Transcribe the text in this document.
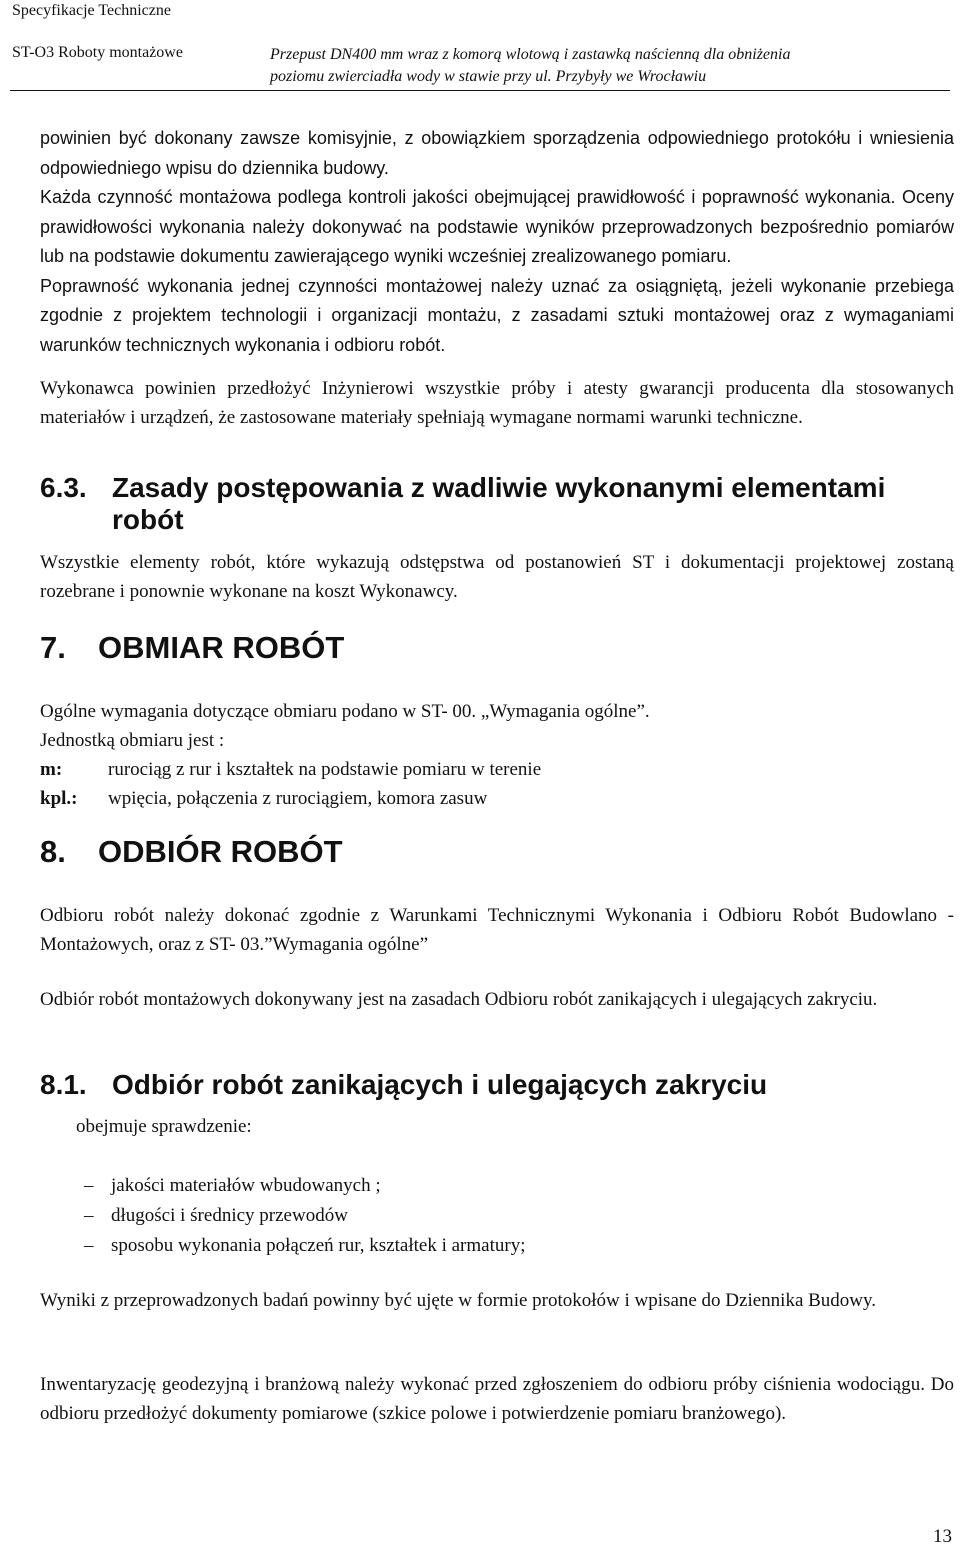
Specyfikacje Techniczne
ST-O3 Roboty montażowe	Przepust DN400 mm wraz z komorą wlotową i zastawką naścienną dla obniżenia
poziomu zwierciadła wody w stawie przy ul. Przybyły we Wrocławiu

powinien być dokonany zawsze komisyjnie, z obowiązkiem sporządzenia odpowiedniego protokółu i wniesienia odpowiedniego wpisu do dziennika budowy.

Każda czynność montażowa podlega kontroli jakości obejmującej prawidłowość i poprawność wykonania. Oceny prawidłowości wykonania należy dokonywać na podstawie wyników przeprowadzonych bezpośrednio pomiarów lub na podstawie dokumentu zawierającego wyniki wcześniej zrealizowanego pomiaru.

Poprawność wykonania jednej czynności montażowej należy uznać za osiągniętą, jeżeli wykonanie przebiega zgodnie z projektem technologii i organizacji montażu, z zasadami sztuki montażowej oraz z wymaganiami warunków technicznych wykonania i odbioru robót.

Wykonawca powinien przedłożyć Inżynierowi wszystkie próby i atesty gwarancji producenta dla stosowanych materiałów i urządzeń, że zastosowane materiały spełniają wymagane normami warunki techniczne.

6.3. Zasady postępowania z wadliwie wykonanymi elementami robót

Wszystkie elementy robót, które wykazują odstępstwa od postanowień ST i dokumentacji projektowej zostaną rozebrane i ponownie wykonane na koszt Wykonawcy.

7.	OBMIAR ROBÓT
Ogólne wymagania dotyczące obmiaru podano w ST- 00. „Wymagania ogólne”.
Jednostką obmiaru jest :
m:	rurociąg z rur i kształtek na podstawie pomiaru w terenie
kpl.:	wpięcia, połączenia z rurociągiem, komora zasuw
8.	ODBIÓR ROBÓT

Odbioru robót należy dokonać zgodnie z Warunkami Technicznymi Wykonania i Odbioru Robót Budowlano - Montażowych, oraz z ST- 03.”Wymagania ogólne”

Odbiór robót montażowych dokonywany jest na zasadach Odbioru robót zanikających i ulegających zakryciu.

8.1. Odbiór robót zanikających i ulegających zakryciu
obejmuje sprawdzenie:
– jakości materiałów wbudowanych ;
– długości i średnicy przewodów
– sposobu wykonania połączeń rur, kształtek i armatury;

Wyniki z przeprowadzonych badań powinny być ujęte w formie protokołów i wpisane do Dziennika Budowy.

Inwentaryzację geodezyjną i branżową należy wykonać przed zgłoszeniem do odbioru próby ciśnienia wodociągu. Do odbioru przedłożyć dokumenty pomiarowe (szkice polowe i potwierdzenie pomiaru branżowego).

13
